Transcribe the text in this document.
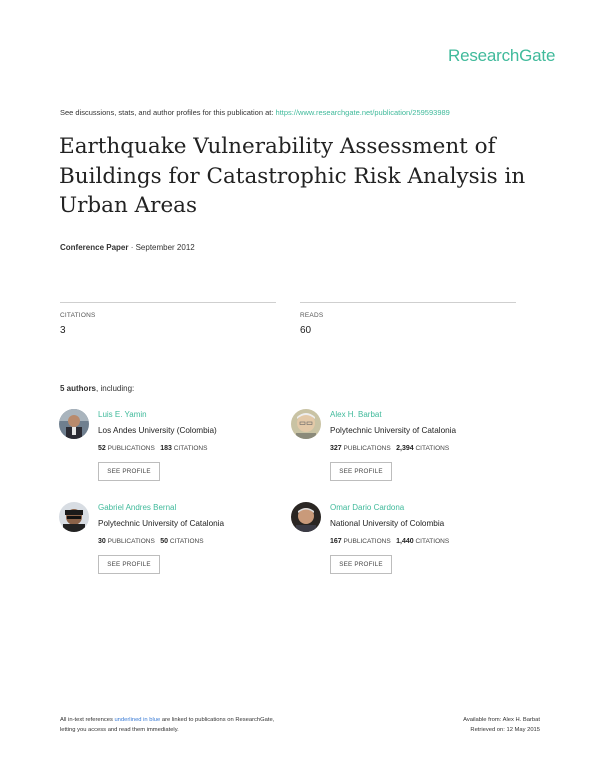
ResearchGate
See discussions, stats, and author profiles for this publication at: https://www.researchgate.net/publication/259593989
Earthquake Vulnerability Assessment of Buildings for Catastrophic Risk Analysis in Urban Areas
Conference Paper · September 2012
CITATIONS
3
READS
60
5 authors, including:
Luis E. Yamin
Los Andes University (Colombia)
52 PUBLICATIONS 183 CITATIONS
SEE PROFILE
Alex H. Barbat
Polytechnic University of Catalonia
327 PUBLICATIONS 2,394 CITATIONS
SEE PROFILE
Gabriel Andres Bernal
Polytechnic University of Catalonia
30 PUBLICATIONS 50 CITATIONS
SEE PROFILE
Omar Dario Cardona
National University of Colombia
167 PUBLICATIONS 1,440 CITATIONS
SEE PROFILE
All in-text references underlined in blue are linked to publications on ResearchGate,
letting you access and read them immediately.
Available from: Alex H. Barbat
Retrieved on: 12 May 2015
